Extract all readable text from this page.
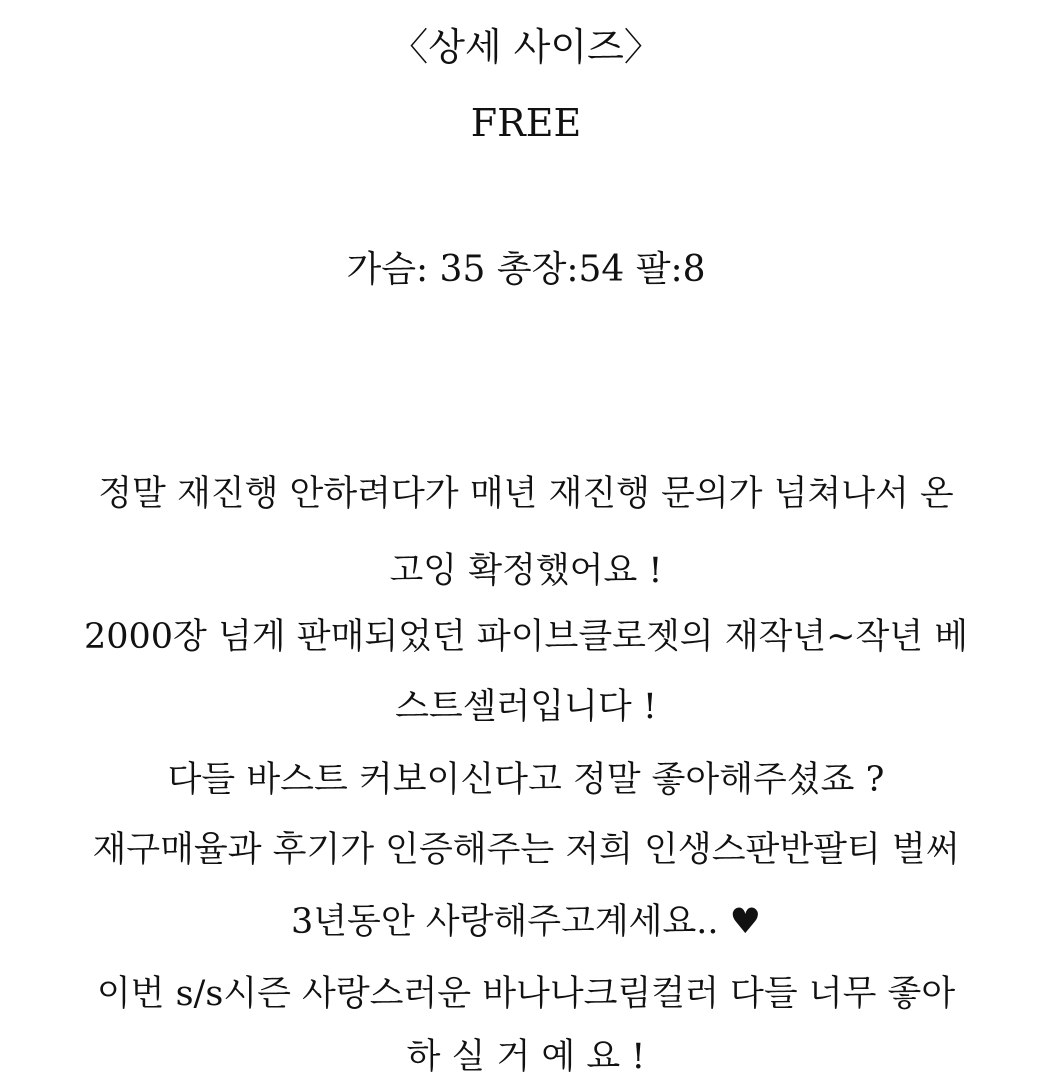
〈상세 사이즈〉
FREE
가슴: 35 총장:54 팔:8
정말 재진행 안하려다가 매년 재진행 문의가 넘쳐나서 온
고잉 확정했어요 !
2000장 넘게 판매되었던 파이브클로젯의 재작년~작년 베
스트셀러입니다 !
다들 바스트 커보이신다고 정말 좋아해주셨죠 ?
재구매율과 후기가 인증해주는 저희 인생스판반팔티 벌써
3년동안 사랑해주고계세요.. ♥
이번 s/s시즌 사랑스러운 바나나크림컬러 다들 너무 좋아
하 실 거 예 요 !
